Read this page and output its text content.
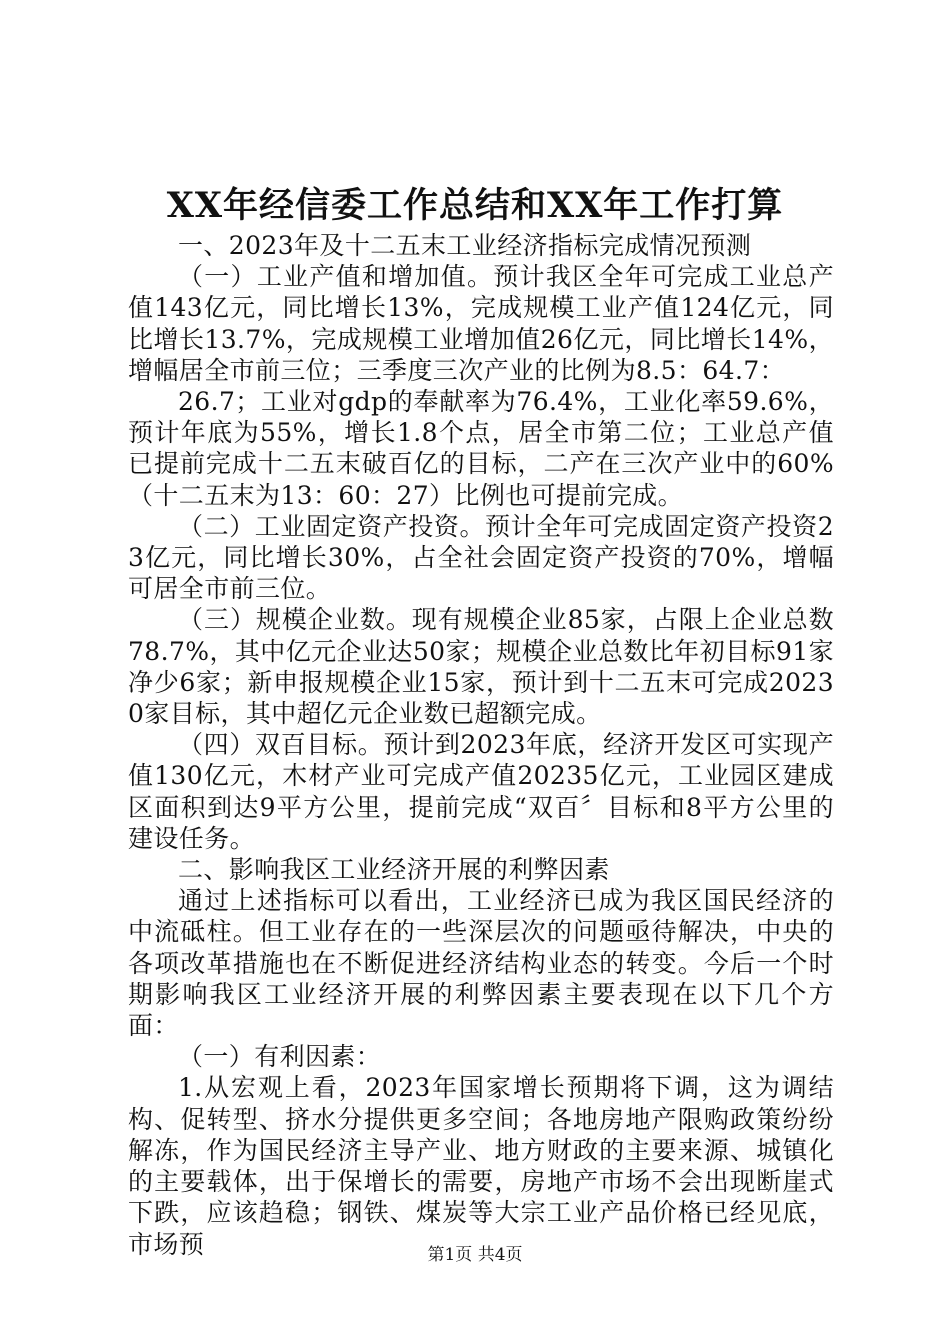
XX年经信委工作总结和XX年工作打算

一、2023年及十二五末工业经济指标完成情况预测

（一）工业产值和增加值。预计我区全年可完成工业总产值143亿元，同比增长13%，完成规模工业产值124亿元，同比增长13.7%，完成规模工业增加值26亿元，同比增长14%，增幅居全市前三位；三季度三次产业的比例为8.5：64.7：

26.7；工业对gdp的奉献率为76.4%，工业化率59.6%，预计年底为55%，增长1.8个点，居全市第二位；工业总产值已提前完成十二五末破百亿的目标，二产在三次产业中的60%（十二五末为13：60：27）比例也可提前完成。

（二）工业固定资产投资。预计全年可完成固定资产投资23亿元，同比增长30%，占全社会固定资产投资的70%，增幅可居全市前三位。

（三）规模企业数。现有规模企业85家，占限上企业总数78.7%，其中亿元企业达50家；规模企业总数比年初目标91家净少6家；新申报规模企业15家，预计到十二五末可完成20230家目标，其中超亿元企业数已超额完成。

（四）双百目标。预计到2023年底，经济开发区可实现产值130亿元，木材产业可完成产值20235亿元，工业园区建成区面积到达9平方公里，提前完成“双百〞目标和8平方公里的建设任务。

二、影响我区工业经济开展的利弊因素

通过上述指标可以看出，工业经济已成为我区国民经济的中流砥柱。但工业存在的一些深层次的问题亟待解决，中央的各项改革措施也在不断促进经济结构业态的转变。今后一个时期影响我区工业经济开展的利弊因素主要表现在以下几个方面：

（一）有利因素：

1.从宏观上看，2023年国家增长预期将下调，这为调结构、促转型、挤水分提供更多空间；各地房地产限购政策纷纷解冻，作为国民经济主导产业、地方财政的主要来源、城镇化的主要载体，出于保增长的需要，房地产市场不会出现断崖式下跌，应该趋稳；钢铁、煤炭等大宗工业产品价格已经见底，市场预	第1页 共4页
